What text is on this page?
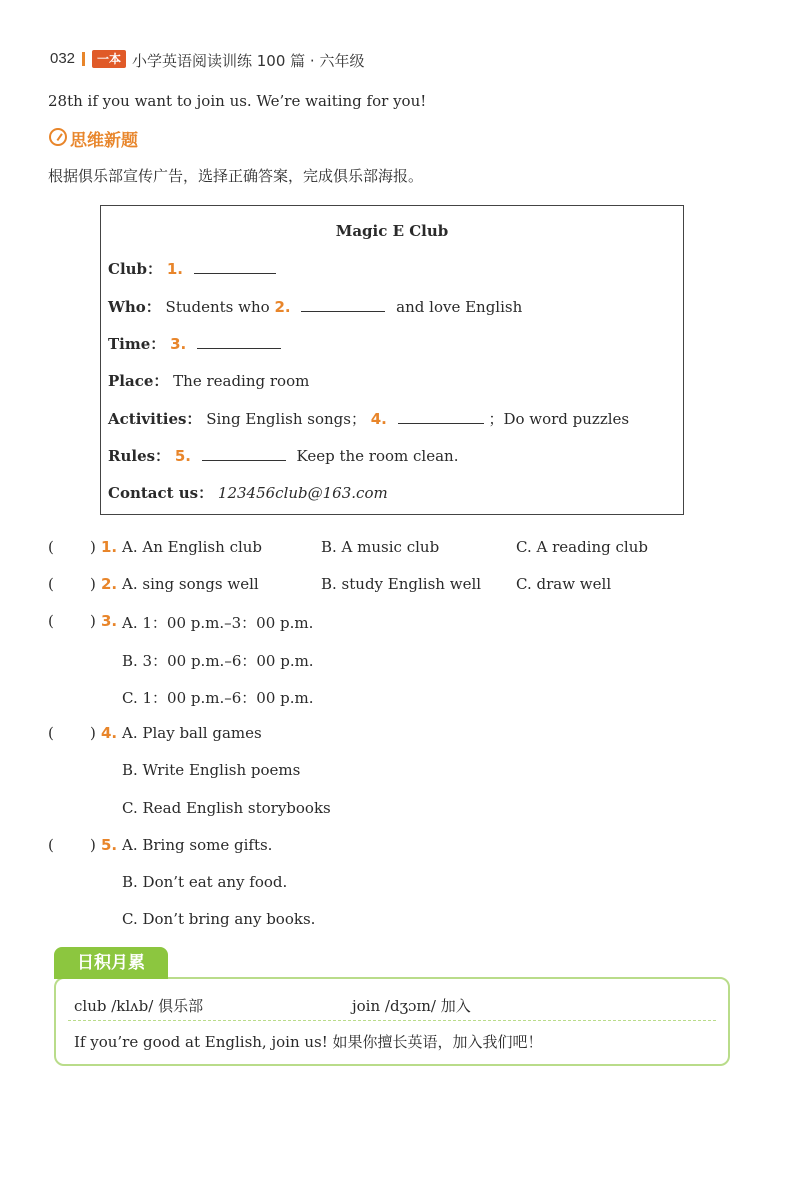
032	一本 小学英语阅读训练 100 篇 · 六年级
28th if you want to join us. We’re waiting for you!
思维新题
根据俱乐部宣传广告，选择正确答案，完成俱乐部海报。
Magic E Club
Club： 1.
Who： Students who 2.	and love English
Time： 3.
Place： The reading room
Activities： Sing English songs； 4.	；Do word puzzles
Rules： 5.	Keep the room clean.
Contact us： 123456club@163.com
( ) 1. A. An English club	B. A music club	C. A reading club
( ) 2. A. sing songs well	B. study English well C. draw well
( ) 3. A. 1：00 p.m.–3：00 p.m.
B. 3：00 p.m.–6：00 p.m.
C. 1：00 p.m.–6：00 p.m.
( ) 4. A. Play ball games
B. Write English poems
C. Read English storybooks
( ) 5. A. Bring some gifts.
B. Don’t eat any food.
C. Don’t bring any books.
日积月累
club /klʌb/ 俱乐部	join /dʒɔɪn/ 加入
If you’re good at English, join us! 如果你擅长英语，加入我们吧！
